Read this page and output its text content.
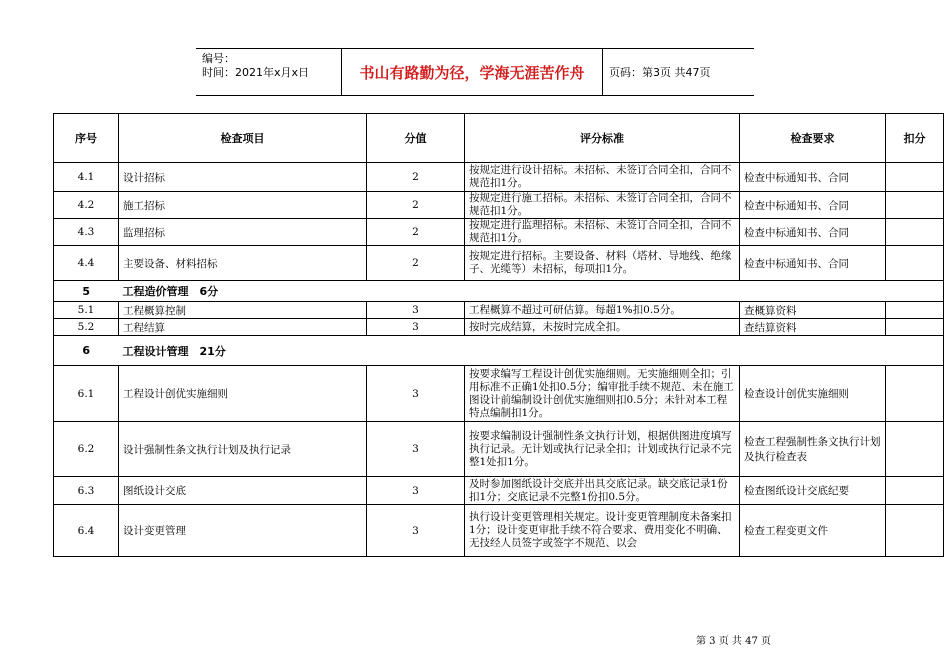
编号：
时间：2021年x月x日	书山有路勤为径，学海无涯苦作舟 页码：第3页 共47页
序号	检查项目	分值	评分标准	检查要求	扣分
4.1	设计招标	2	按规定进行设计招标。未招标、未签订合同全扣，合同不规范扣1分。	检查中标通知书、合同	
4.2	施工招标	2	按规定进行施工招标。未招标、未签订合同全扣，合同不规范扣1分。	检查中标通知书、合同	
4.3	监理招标	2	按规定进行监理招标。未招标、未签订合同全扣，合同不规范扣1分。	检查中标通知书、合同	
4.4	主要设备、材料招标	2	按规定进行招标。主要设备、材料（塔材、导地线、绝缘子、光缆等）未招标，每项扣1分。	检查中标通知书、合同	
5	工程造价管理　6分				
5.1	工程概算控制	3	工程概算不超过可研估算。每超1%扣0.5分。	查概算资料	
5.2	工程结算	3	按时完成结算，未按时完成全扣。	查结算资料	
6	工程设计管理　21分				
6.1	工程设计创优实施细则	3	按要求编写工程设计创优实施细则。无实施细则全扣；引用标准不正确1处扣0.5分；编审批手续不规范、未在施工图设计前编制设计创优实施细则扣0.5分；未针对本工程特点编制扣1分。	检查设计创优实施细则	
6.2	设计强制性条文执行计划及执行记录	3	按要求编制设计强制性条文执行计划，根据供图进度填写执行记录。无计划或执行记录全扣；计划或执行记录不完整1处扣1分。	检查工程强制性条文执行计划及执行检查表	
6.3	图纸设计交底	3	及时参加图纸设计交底并出具交底记录。缺交底记录1份扣1分；交底记录不完整1份扣0.5分。	检查图纸设计交底纪要	
6.4	设计变更管理	3	执行设计变更管理相关规定。设计变更管理制度未备案扣1分；设计变更审批手续不符合要求、费用变化不明确、无技经人员签字或签字不规范、以会	检查工程变更文件	
第 3 页 共 47 页
